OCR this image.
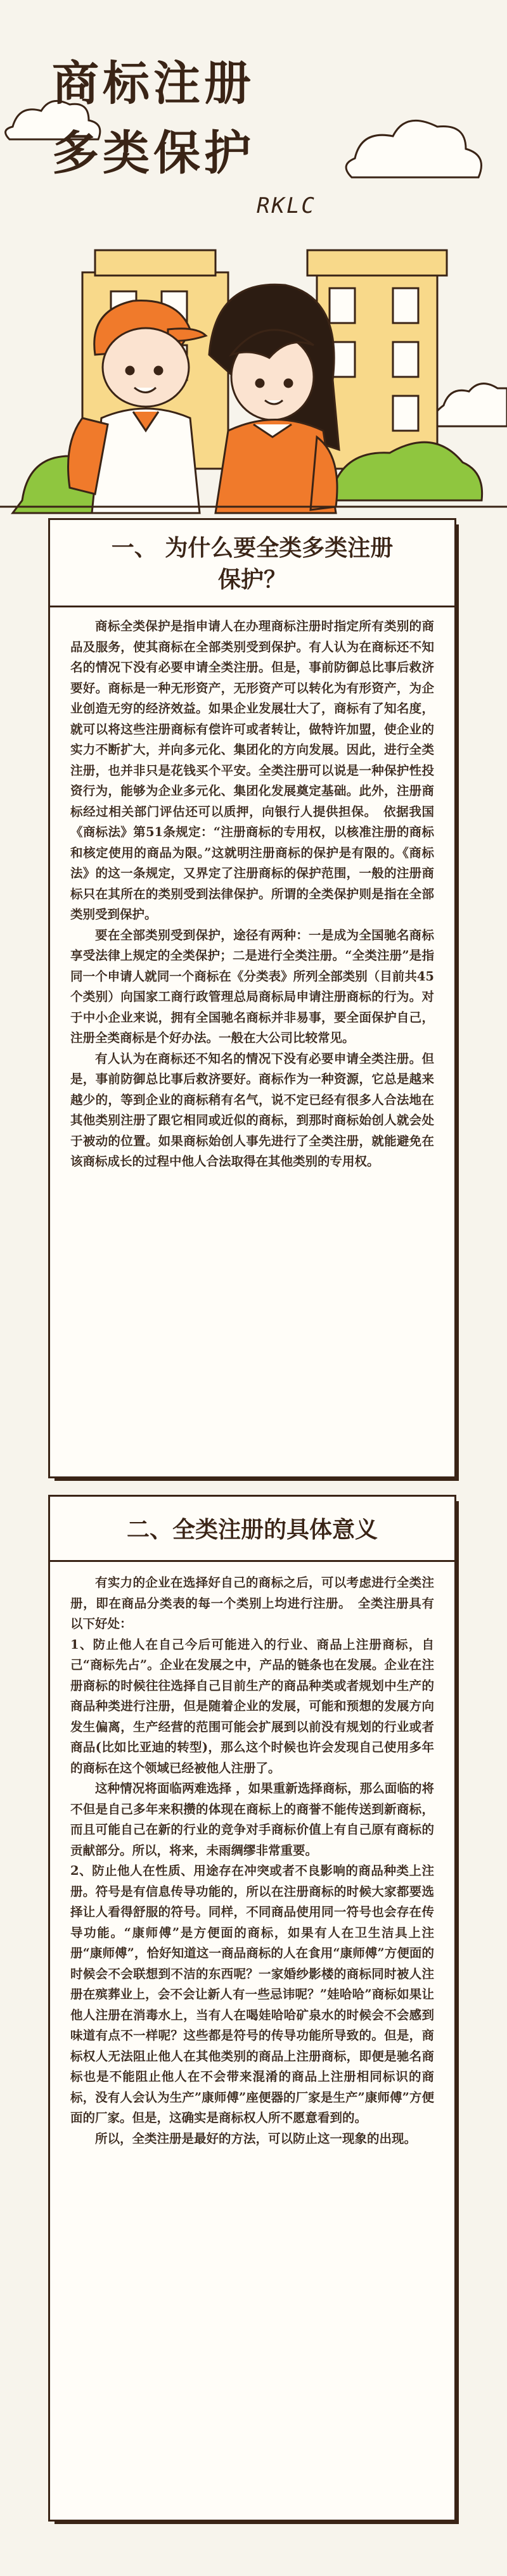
商标注册
多类保护
RKLC
一、 为什么要全类多类注册
保护？

商标全类保护是指申请人在办理商标注册时指定所有类别的商品及服务，使其商标在全部类别受到保护。有人认为在商标还不知名的情况下没有必要申请全类注册。但是，事前防御总比事后救济要好。商标是一种无形资产，无形资产可以转化为有形资产，为企业创造无穷的经济效益。如果企业发展壮大了，商标有了知名度，就可以将这些注册商标有偿许可或者转让，做特许加盟，使企业的实力不断扩大，并向多元化、集团化的方向发展。因此，进行全类注册，也并非只是花钱买个平安。全类注册可以说是一种保护性投资行为，能够为企业多元化、集团化发展奠定基础。此外，注册商标经过相关部门评估还可以质押，向银行人提供担保。　依据我国《商标法》第51条规定：“注册商标的专用权，以核准注册的商标和核定使用的商品为限。”这就明注册商标的保护是有限的。《商标法》的这一条规定，又界定了注册商标的保护范围，一般的注册商标只在其所在的类别受到法律保护。所谓的全类保护则是指在全部类别受到保护。

要在全部类别受到保护，途径有两种：一是成为全国驰名商标享受法律上规定的全类保护；二是进行全类注册。“全类注册”是指同一个申请人就同一个商标在《分类表》所列全部类别（目前共45个类别）向国家工商行政管理总局商标局申请注册商标的行为。对于中小企业来说，拥有全国驰名商标并非易事，要全面保护自己，注册全类商标是个好办法。一般在大公司比较常见。

有人认为在商标还不知名的情况下没有必要申请全类注册。但是，事前防御总比事后救济要好。商标作为一种资源，它总是越来越少的，等到企业的商标稍有名气，说不定已经有很多人合法地在其他类别注册了跟它相同或近似的商标，到那时商标始创人就会处于被动的位置。如果商标始创人事先进行了全类注册，就能避免在该商标成长的过程中他人合法取得在其他类别的专用权。

二、全类注册的具体意义

有实力的企业在选择好自己的商标之后，可以考虑进行全类注册，即在商品分类表的每一个类别上均进行注册。　全类注册具有以下好处：

1、防止他人在自己今后可能进入的行业、商品上注册商标，自己“商标先占”。企业在发展之中，产品的链条也在发展。企业在注册商标的时候往往选择自己目前生产的商品种类或者规划中生产的商品种类进行注册，但是随着企业的发展，可能和预想的发展方向发生偏离，生产经营的范围可能会扩展到以前没有规划的行业或者商品(比如比亚迪的转型)，那么这个时候也许会发现自己使用多年的商标在这个领域已经被他人注册了。

这种情况将面临两难选择 ，如果重新选择商标，那么面临的将不但是自己多年来积攒的体现在商标上的商誉不能传送到新商标，而且可能自己在新的行业的竞争对手商标价值上有自己原有商标的贡献部分。所以，将来，未雨绸缪非常重要。

2、防止他人在性质、用途存在冲突或者不良影响的商品种类上注册。符号是有信息传导功能的，所以在注册商标的时候大家都要选择让人看得舒服的符号。同样，不同商品使用同一符号也会存在传导功能。“康师傅”是方便面的商标，如果有人在卫生洁具上注册“康师傅”，恰好知道这一商品商标的人在食用“康师傅”方便面的时候会不会联想到不洁的东西呢？一家婚纱影楼的商标同时被人注册在殡葬业上，会不会让新人有一些忌讳呢？”娃哈哈”商标如果让他人注册在消毒水上，当有人在喝娃哈哈矿泉水的时候会不会感到味道有点不一样呢？这些都是符号的传导功能所导致的。但是，商标权人无法阻止他人在其他类别的商品上注册商标，即便是驰名商标也是不能阻止他人在不会带来混淆的商品上注册相同标识的商标，没有人会认为生产”康师傅”座便器的厂家是生产”康师傅”方便面的厂家。但是，这确实是商标权人所不愿意看到的。

所以，全类注册是最好的方法，可以防止这一现象的出现。
